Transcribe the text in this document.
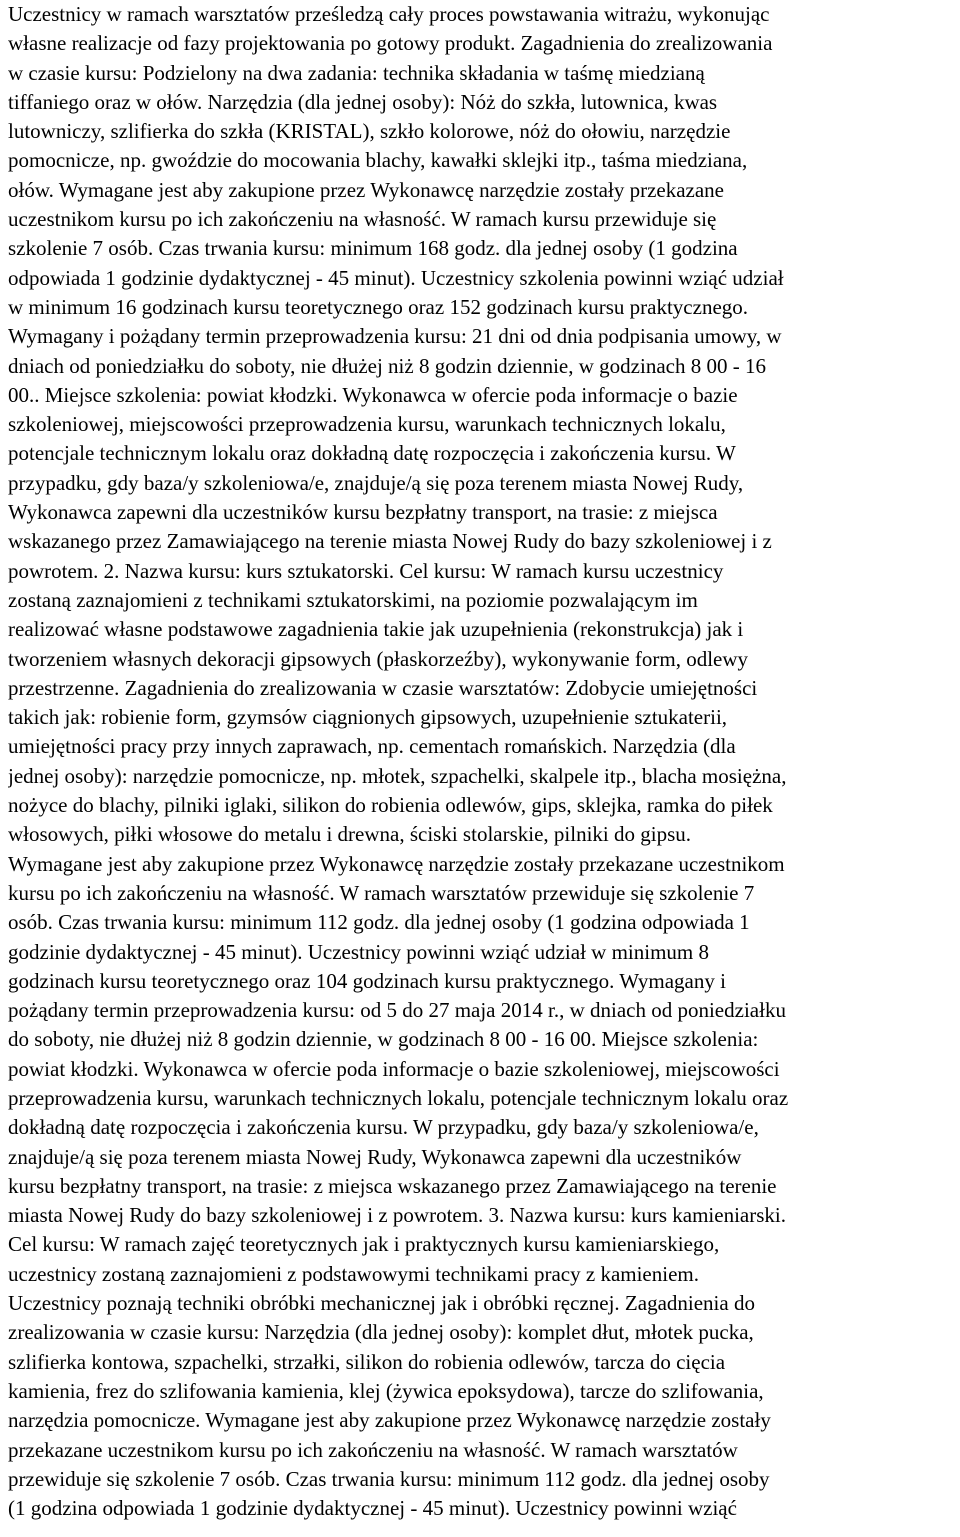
Uczestnicy w ramach warsztatów prześledzą cały proces powstawania witrażu, wykonując
własne realizacje od fazy projektowania po gotowy produkt. Zagadnienia do zrealizowania
w czasie kursu: Podzielony na dwa zadania: technika składania w taśmę miedzianą
tiffaniego oraz w ołów. Narzędzia (dla jednej osoby): Nóż do szkła, lutownica, kwas
lutowniczy, szlifierka do szkła (KRISTAL), szkło kolorowe, nóż do ołowiu, narzędzie
pomocnicze, np. gwoździe do mocowania blachy, kawałki sklejki itp., taśma miedziana,
ołów. Wymagane jest aby zakupione przez Wykonawcę narzędzie zostały przekazane
uczestnikom kursu po ich zakończeniu na własność. W ramach kursu przewiduje się
szkolenie 7 osób. Czas trwania kursu: minimum 168 godz. dla jednej osoby (1 godzina
odpowiada 1 godzinie dydaktycznej - 45 minut). Uczestnicy szkolenia powinni wziąć udział
w minimum 16 godzinach kursu teoretycznego oraz 152 godzinach kursu praktycznego.
Wymagany i pożądany termin przeprowadzenia kursu: 21 dni od dnia podpisania umowy, w
dniach od poniedziałku do soboty, nie dłużej niż 8 godzin dziennie, w godzinach 8 00 - 16
00.. Miejsce szkolenia: powiat kłodzki. Wykonawca w ofercie poda informacje o bazie
szkoleniowej, miejscowości przeprowadzenia kursu, warunkach technicznych lokalu,
potencjale technicznym lokalu oraz dokładną datę rozpoczęcia i zakończenia kursu. W
przypadku, gdy baza/y szkoleniowa/e, znajduje/ą się poza terenem miasta Nowej Rudy,
Wykonawca zapewni dla uczestników kursu bezpłatny transport, na trasie: z miejsca
wskazanego przez Zamawiającego na terenie miasta Nowej Rudy do bazy szkoleniowej i z
powrotem. 2. Nazwa kursu: kurs sztukatorski. Cel kursu: W ramach kursu uczestnicy
zostaną zaznajomieni z technikami sztukatorskimi, na poziomie pozwalającym im
realizować własne podstawowe zagadnienia takie jak uzupełnienia (rekonstrukcja) jak i
tworzeniem własnych dekoracji gipsowych (płaskorzeźby), wykonywanie form, odlewy
przestrzenne. Zagadnienia do zrealizowania w czasie warsztatów: Zdobycie umiejętności
takich jak: robienie form, gzymsów ciągnionych gipsowych, uzupełnienie sztukaterii,
umiejętności pracy przy innych zaprawach, np. cementach romańskich. Narzędzia (dla
jednej osoby): narzędzie pomocnicze, np. młotek, szpachelki, skalpele itp., blacha mosiężna,
nożyce do blachy, pilniki iglaki, silikon do robienia odlewów, gips, sklejka, ramka do piłek
włosowych, piłki włosowe do metalu i drewna, ściski stolarskie, pilniki do gipsu.
Wymagane jest aby zakupione przez Wykonawcę narzędzie zostały przekazane uczestnikom
kursu po ich zakończeniu na własność. W ramach warsztatów przewiduje się szkolenie 7
osób. Czas trwania kursu: minimum 112 godz. dla jednej osoby (1 godzina odpowiada 1
godzinie dydaktycznej - 45 minut). Uczestnicy powinni wziąć udział w minimum 8
godzinach kursu teoretycznego oraz 104 godzinach kursu praktycznego. Wymagany i
pożądany termin przeprowadzenia kursu: od 5 do 27 maja 2014 r., w dniach od poniedziałku
do soboty, nie dłużej niż 8 godzin dziennie, w godzinach 8 00 - 16 00. Miejsce szkolenia:
powiat kłodzki. Wykonawca w ofercie poda informacje o bazie szkoleniowej, miejscowości
przeprowadzenia kursu, warunkach technicznych lokalu, potencjale technicznym lokalu oraz
dokładną datę rozpoczęcia i zakończenia kursu. W przypadku, gdy baza/y szkoleniowa/e,
znajduje/ą się poza terenem miasta Nowej Rudy, Wykonawca zapewni dla uczestników
kursu bezpłatny transport, na trasie: z miejsca wskazanego przez Zamawiającego na terenie
miasta Nowej Rudy do bazy szkoleniowej i z powrotem. 3. Nazwa kursu: kurs kamieniarski.
Cel kursu: W ramach zajęć teoretycznych jak i praktycznych kursu kamieniarskiego,
uczestnicy zostaną zaznajomieni z podstawowymi technikami pracy z kamieniem.
Uczestnicy poznają techniki obróbki mechanicznej jak i obróbki ręcznej. Zagadnienia do
zrealizowania w czasie kursu: Narzędzia (dla jednej osoby): komplet dłut, młotek pucka,
szlifierka kontowa, szpachelki, strzałki, silikon do robienia odlewów, tarcza do cięcia
kamienia, frez do szlifowania kamienia, klej (żywica epoksydowa), tarcze do szlifowania,
narzędzia pomocnicze. Wymagane jest aby zakupione przez Wykonawcę narzędzie zostały
przekazane uczestnikom kursu po ich zakończeniu na własność. W ramach warsztatów
przewiduje się szkolenie 7 osób. Czas trwania kursu: minimum 112 godz. dla jednej osoby
(1 godzina odpowiada 1 godzinie dydaktycznej - 45 minut). Uczestnicy powinni wziąć
